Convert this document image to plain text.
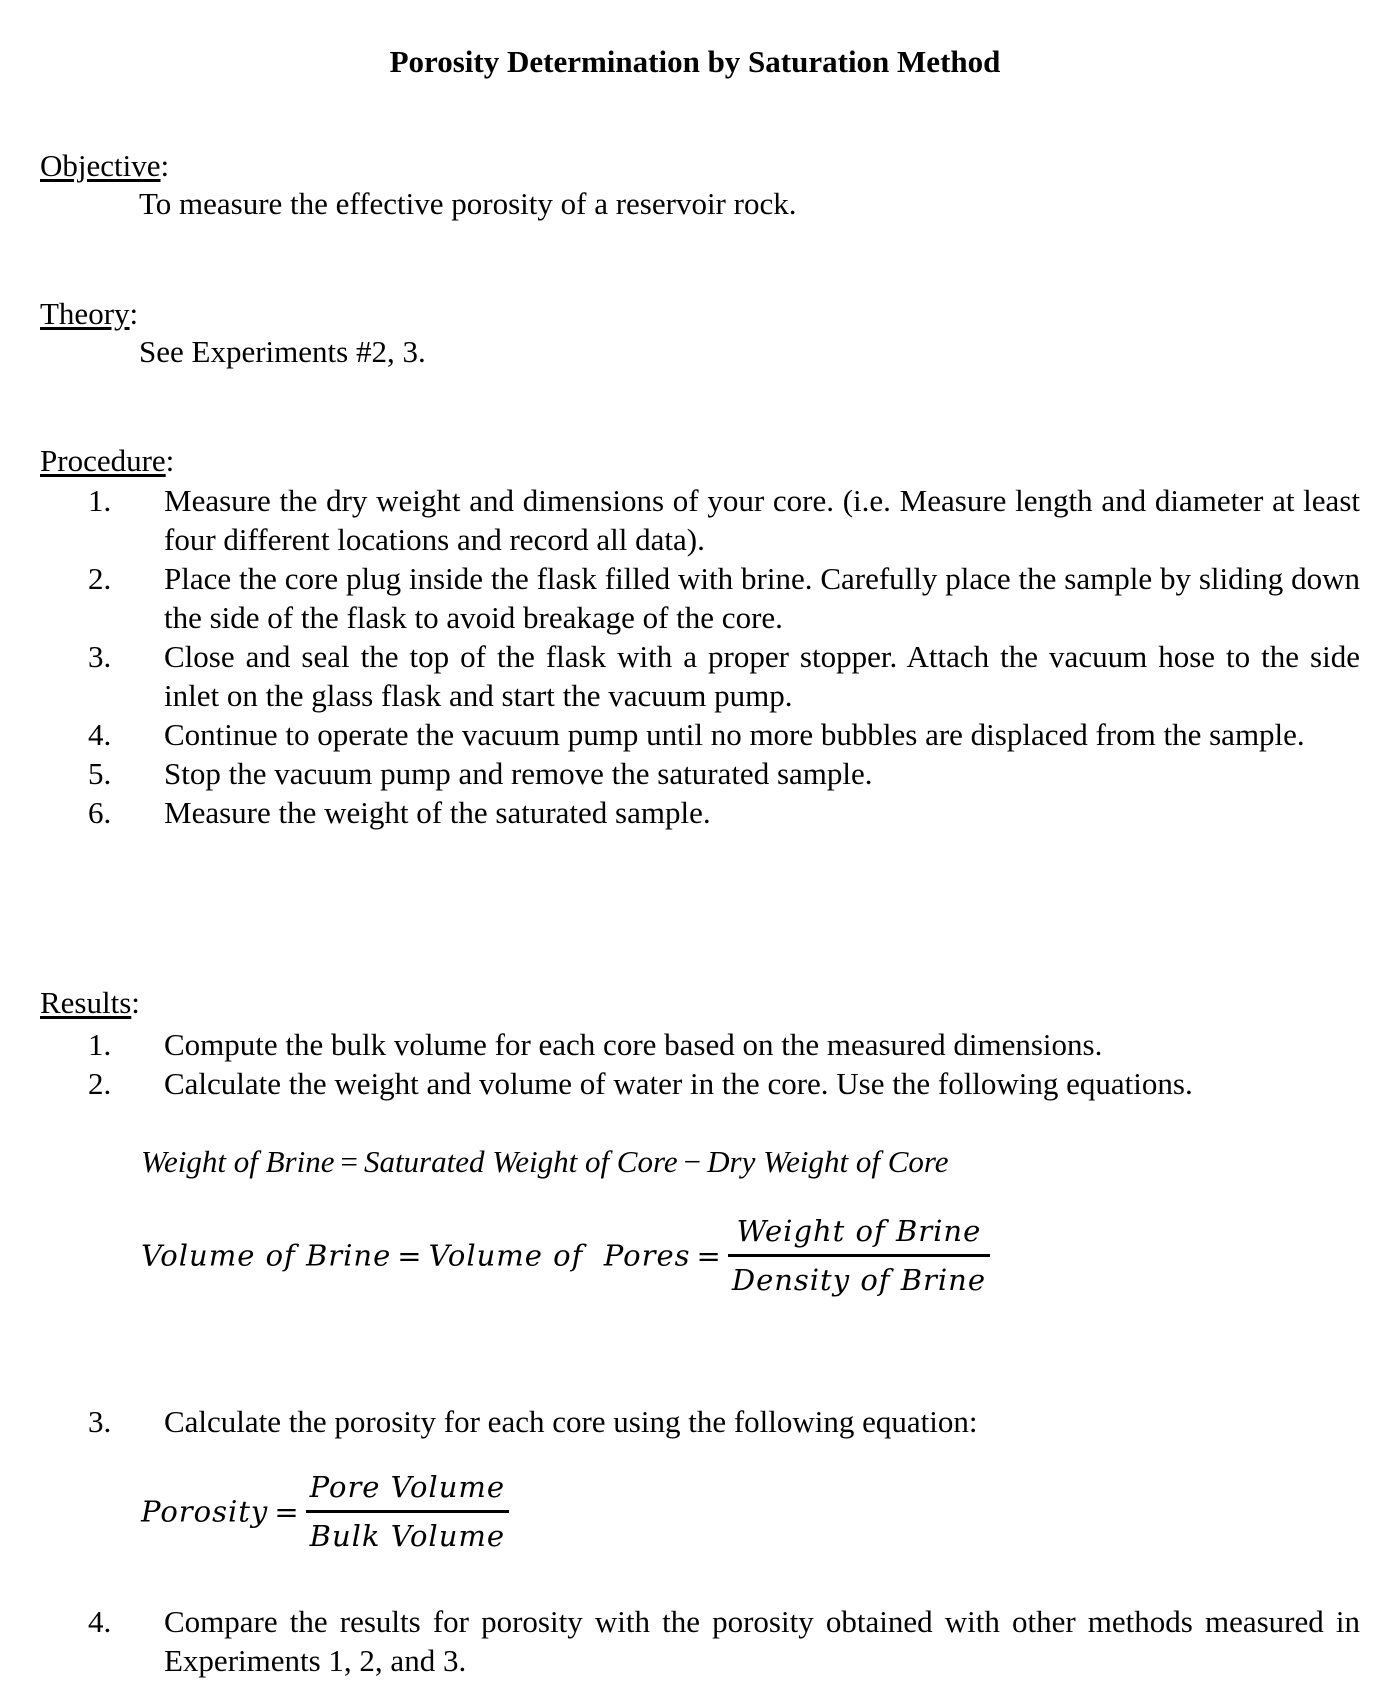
Porosity Determination by Saturation Method
Objective:
To measure the effective porosity of a reservoir rock.
Theory:
See Experiments #2, 3.
Procedure:
1. Measure the dry weight and dimensions of your core. (i.e. Measure length and diameter at least four different locations and record all data).
2. Place the core plug inside the flask filled with brine. Carefully place the sample by sliding down the side of the flask to avoid breakage of the core.
3. Close and seal the top of the flask with a proper stopper. Attach the vacuum hose to the side inlet on the glass flask and start the vacuum pump.
4. Continue to operate the vacuum pump until no more bubbles are displaced from the sample.
5. Stop the vacuum pump and remove the saturated sample.
6. Measure the weight of the saturated sample.
Results:
1. Compute the bulk volume for each core based on the measured dimensions.
2. Calculate the weight and volume of water in the core. Use the following equations.
Weight of Brine = Saturated Weight of Core − Dry Weight of Core
Volume of Brine = Volume of  Pores = $\frac{\text{Weight of Brine}}{\text{Density of Brine}}$
3. Calculate the porosity for each core using the following equation:
Porosity = $\frac{\text{Pore Volume}}{\text{Bulk Volume}}$
4. Compare the results for porosity with the porosity obtained with other methods measured in Experiments 1, 2, and 3.
